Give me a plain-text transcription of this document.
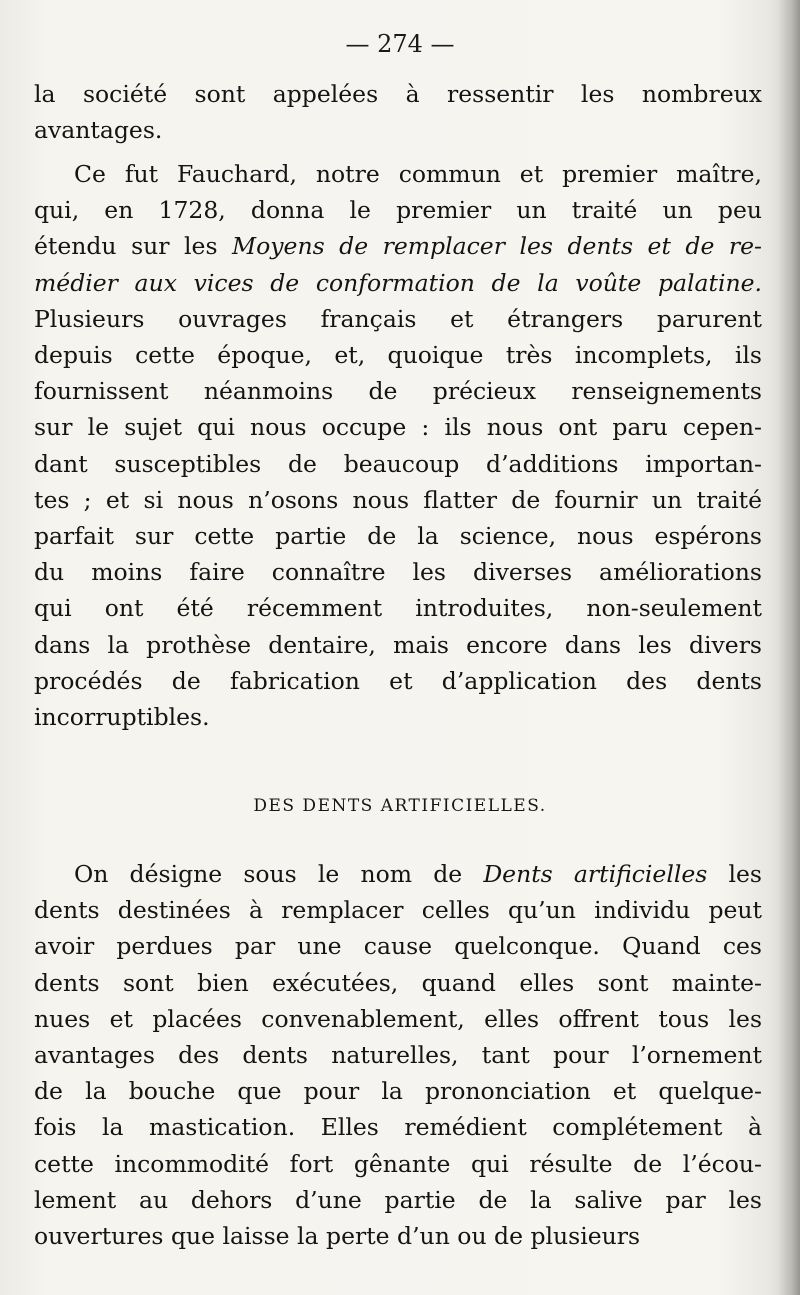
— 274 —
la société sont appelées à ressentir les nombreux
avantages.
Ce fut Fauchard, notre commun et premier maître,
qui, en 1728, donna le premier un traité un peu
étendu sur les Moyens de remplacer les dents et de re-
médier aux vices de conformation de la voûte palatine.
Plusieurs ouvrages français et étrangers parurent
depuis cette époque, et, quoique très incomplets, ils
fournissent néanmoins de précieux renseignements
sur le sujet qui nous occupe : ils nous ont paru cepen-
dant susceptibles de beaucoup d’additions importan-
tes ; et si nous n’osons nous flatter de fournir un traité
parfait sur cette partie de la science, nous espérons
du moins faire connaître les diverses améliorations
qui ont été récemment introduites, non-seulement
dans la prothèse dentaire, mais encore dans les divers
procédés de fabrication et d’application des dents
incorruptibles.
DES DENTS ARTIFICIELLES.
On désigne sous le nom de Dents artificielles les
dents destinées à remplacer celles qu’un individu peut
avoir perdues par une cause quelconque. Quand ces
dents sont bien exécutées, quand elles sont mainte-
nues et placées convenablement, elles offrent tous les
avantages des dents naturelles, tant pour l’ornement
de la bouche que pour la prononciation et quelque-
fois la mastication. Elles remédient complétement à
cette incommodité fort gênante qui résulte de l’écou-
lement au dehors d’une partie de la salive par les
ouvertures que laisse la perte d’un ou de plusieurs
